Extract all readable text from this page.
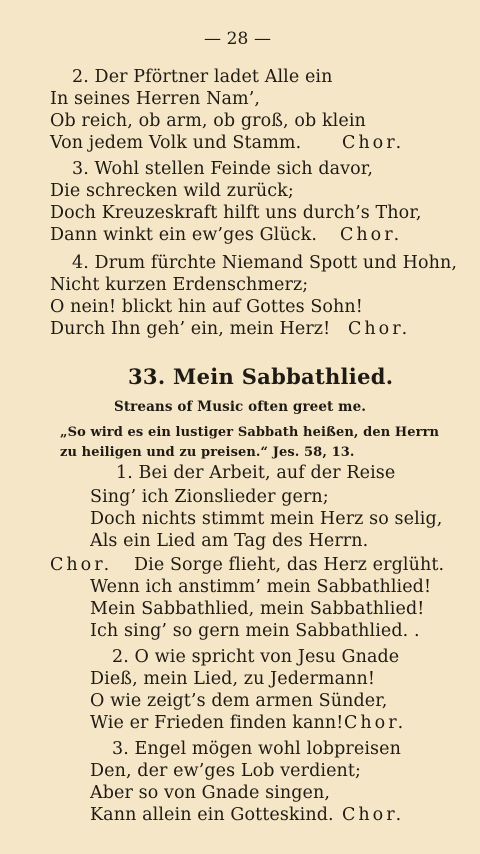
— 28 —
2. Der Pförtner ladet Alle ein
In seines Herren Nam’,
Ob reich, ob arm, ob groß, ob klein
Von jedem Volk und Stamm. Chor.
3. Wohl stellen Feinde sich davor,
Die schrecken wild zurück;
Doch Kreuzeskraft hilft uns durch’s Thor,
Dann winkt ein ew’ges Glück. Chor.
4. Drum fürchte Niemand Spott und Hohn,
Nicht kurzen Erdenschmerz;
O nein! blickt hin auf Gottes Sohn!
Durch Ihn geh’ ein, mein Herz! Chor.
33. Mein Sabbathlied.
Streans of Music often greet me.
„So wird es ein lustiger Sabbath heißen, den Herrn
zu heiligen und zu preisen.“ Jes. 58, 13.
1. Bei der Arbeit, auf der Reise
Sing’ ich Zionslieder gern;
Doch nichts stimmt mein Herz so selig,
Als ein Lied am Tag des Herrn.
Chor. Die Sorge flieht, das Herz erglüht.
Wenn ich anstimm’ mein Sabbathlied!
Mein Sabbathlied, mein Sabbathlied!
Ich sing’ so gern mein Sabbathlied. .
2. O wie spricht von Jesu Gnade
Dieß, mein Lied, zu Jedermann!
O wie zeigt’s dem armen Sünder,
Wie er Frieden finden kann! Chor.
3. Engel mögen wohl lobpreisen
Den, der ew’ges Lob verdient;
Aber so von Gnade singen,
Kann allein ein Gotteskind. Chor.
